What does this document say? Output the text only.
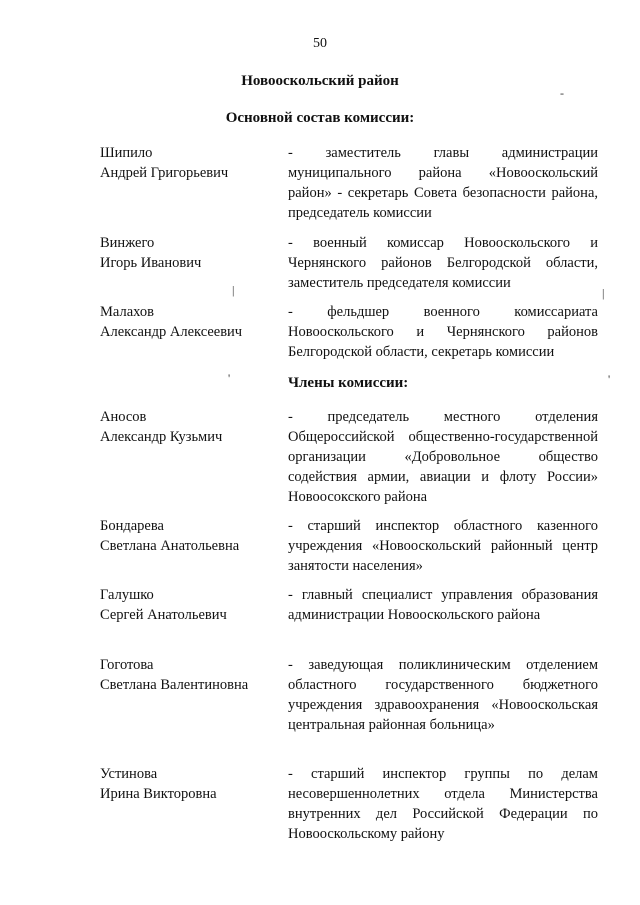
50
Новооскольский район
Основной состав комиссии:
Шипило
Андрей Григорьевич
- заместитель главы администрации муниципального района «Новооскольский район» - секретарь Совета безопасности района, председатель комиссии
Винжего
Игорь Иванович
- военный комиссар Новооскольского и Чернянского районов Белгородской области, заместитель председателя комиссии
Малахов
Александр Алексеевич
- фельдшер военного комиссариата Новооскольского и Чернянского районов Белгородской области, секретарь комиссии
Члены комиссии:
Аносов
Александр Кузьмич
- председатель местного отделения Общероссийской общественно-государственной организации «Добровольное общество содействия армии, авиации и флоту России» Новоосокского района
Бондарева
Светлана Анатольевна
- старший инспектор областного казенного учреждения «Новооскольский районный центр занятости населения»
Галушко
Сергей Анатольевич
- главный специалист управления образования администрации Новооскольского района
Гоготова
Светлана Валентиновна
- заведующая поликлиническим отделением областного государственного бюджетного учреждения здравоохранения «Новооскольская центральная районная больница»
Устинова
Ирина Викторовна
- старший инспектор группы по делам несовершеннолетних отдела Министерства внутренних дел Российской Федерации по Новооскольскому району
-
|	|
'	'
